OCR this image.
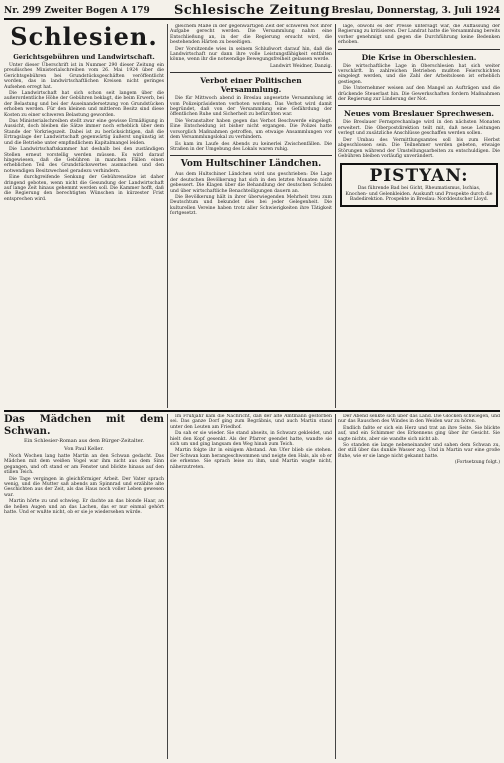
Nr. 299 Zweiter Bogen A 179 Schlesische Zeitung Breslau, Donnerstag, 3. Juli 1924
Schlesien.
Gerichtsgebühren und Landwirtschaft.

Unter dieser Überschrift ist in Nummer 290 dieser Zeitung ein preußisches Ministerialschreiben vom 26. Mai 1924 über die Gerichtsgebühren bei Grundstücksgeschäften veröffentlicht worden, das in landwirtschaftlichen Kreisen nicht geringes Aufsehen erregt hat.

Die Landwirtschaft hat sich schon seit langem über die außerordentliche Höhe der Gebühren beklagt, die beim Erwerb, bei der Belastung und bei der Auseinandersetzung von Grundstücken erhoben werden. Für den kleinen und mittleren Besitz sind diese Kosten zu einer schweren Belastung geworden.

Das Ministerialschreiben stellt zwar eine gewisse Ermäßigung in Aussicht, doch bleiben die Sätze immer noch erheblich über dem Stande der Vorkriegszeit. Dabei ist zu berücksichtigen, daß die Ertragslage der Landwirtschaft gegenwärtig äußerst ungünstig ist und die Betriebe unter empfindlichem Kapitalmangel leiden.

Die Landwirtschaftskammer hat deshalb bei den zuständigen Stellen erneut vorstellig werden müssen. Es wird darauf hingewiesen, daß die Gebühren in manchen Fällen einen erheblichen Teil des Grundstückswertes ausmachen und den notwendigen Besitzwechsel geradezu verhindern.

Eine durchgreifende Senkung der Gebührensätze ist daher dringend geboten, wenn nicht die Gesundung der Landwirtschaft auf lange Zeit hinaus gehemmt werden soll. Die Kammer hofft, daß die Regierung den berechtigten Wünschen in kürzester Frist entsprechen wird.

gleichem Maße in der gegenwärtigen Zeit der schweren Not ihrer Aufgabe gerecht werden. Die Versammlung nahm eine Entschließung an, in der die Regierung ersucht wird, die bestehenden Härten zu beseitigen.

Der Vorsitzende wies in seinem Schlußwort darauf hin, daß die Landwirtschaft nur dann ihre volle Leistungsfähigkeit entfalten könne, wenn ihr die notwendige Bewegungsfreiheit gelassen werde.

Landwirt Weidner, Danzig.
Verbot einer Politischen Versammlung.

Die für Mittwoch abend in Breslau angesetzte Versammlung ist vom Polizeipräsidenten verboten worden. Das Verbot wird damit begründet, daß von der Versammlung eine Gefährdung der öffentlichen Ruhe und Sicherheit zu befürchten war.

Die Veranstalter haben gegen das Verbot Beschwerde eingelegt. Eine Entscheidung ist bisher nicht ergangen. Die Polizei hatte vorsorglich Maßnahmen getroffen, um etwaige Ansammlungen vor dem Versammlungslokal zu verhindern.

Es kam im Laufe des Abends zu keinerlei Zwischenfällen. Die Straßen in der Umgebung des Lokals waren ruhig.

Vom Hultschiner Ländchen.

Aus dem Hultschiner Ländchen wird uns geschrieben: Die Lage der deutschen Bevölkerung hat sich in den letzten Monaten nicht gebessert. Die Klagen über die Behandlung der deutschen Schulen und über wirtschaftliche Benachteiligungen dauern an.

Die Bevölkerung hält in ihrer überwiegenden Mehrheit treu zum Deutschtum und bekundet dies bei jeder Gelegenheit. Die kulturellen Vereine haben trotz aller Schwierigkeiten ihre Tätigkeit fortgesetzt.

lage, obwohl es der Presse untersagt war, die Auffassung der Regierung zu kritisieren. Der Landrat hatte die Versammlung bereits vorher genehmigt und gegen die Durchführung keine Bedenken erhoben.

Die Krise in Oberschlesien.

Die wirtschaftliche Lage in Oberschlesien hat sich weiter verschärft. In zahlreichen Betrieben mußten Feierschichten eingelegt werden, und die Zahl der Arbeitslosen ist erheblich gestiegen.

Die Unternehmer weisen auf den Mangel an Aufträgen und die drückende Steuerlast hin. Die Gewerkschaften fordern Maßnahmen der Regierung zur Linderung der Not.

Neues vom Breslauer Sprechwesen.

Die Breslauer Fernsprechanlage wird in den nächsten Monaten erweitert. Die Oberpostdirektion teilt mit, daß neue Leitungen verlegt und zusätzliche Anschlüsse geschaffen werden sollen.

Der Umbau des Vermittlungsamtes soll bis zum Herbst abgeschlossen sein. Die Teilnehmer werden gebeten, etwaige Störungen während der Umstellungsarbeiten zu entschuldigen. Die Gebühren bleiben vorläufig unverändert.

PISTYAN:
Das führende Bad bei Gicht, Rheumatismus, Ischias,
Knochen- und Gelenkleiden. Auskunft und Prospekte durch die
Badedirektion. Prospekte in Breslau: Norddeutscher Lloyd.
Das Mädchen mit dem Schwan.
Ein Schlesier-Roman aus dem Bürger-Zeitalter.
Von Paul Keller.

Noch Wochen lang hatte Martin an den Schwan gedacht. Das Mädchen mit dem weißen Vogel war ihm nicht aus dem Sinn gegangen, und oft stand er am Fenster und blickte hinaus auf den stillen Teich.

Die Tage vergingen in gleichförmiger Arbeit. Der Vater sprach wenig, und die Mutter saß abends am Spinnrad und erzählte alte Geschichten aus der Zeit, als das Haus noch voller Leben gewesen war.

Martin hörte zu und schwieg. Er dachte an das blonde Haar, an die hellen Augen und an das Lachen, das er nur einmal gehört hatte. Und er wußte nicht, ob er sie je wiedersehen würde.

Im Frühjahr kam die Nachricht, daß der alte Amtmann gestorben sei. Das ganze Dorf ging zum Begräbnis, und auch Martin stand unter den Leuten am Friedhof.

Da sah er sie wieder. Sie stand abseits, in Schwarz gekleidet, und hielt den Kopf gesenkt. Als der Pfarrer geendet hatte, wandte sie sich um und ging langsam den Weg hinab zum Teich.

Martin folgte ihr in einigem Abstand. Am Ufer blieb sie stehen. Der Schwan kam herangeschwommen und neigte den Hals, als ob er sie erkenne. Sie sprach leise zu ihm, und Martin wagte nicht, näherzutreten.

Der Abend senkte sich über das Land. Die Glocken schwiegen, und nur das Rauschen des Windes in den Weiden war zu hören.

Endlich faßte er sich ein Herz und trat an ihre Seite. Sie blickte auf, und ein Schimmer des Erkennens ging über ihr Gesicht. Sie sagte nichts, aber sie wandte sich nicht ab.

So standen sie lange nebeneinander und sahen dem Schwan zu, der still über das dunkle Wasser zog. Und in Martin war eine große Ruhe, wie er sie lange nicht gekannt hatte.

(Fortsetzung folgt.)
